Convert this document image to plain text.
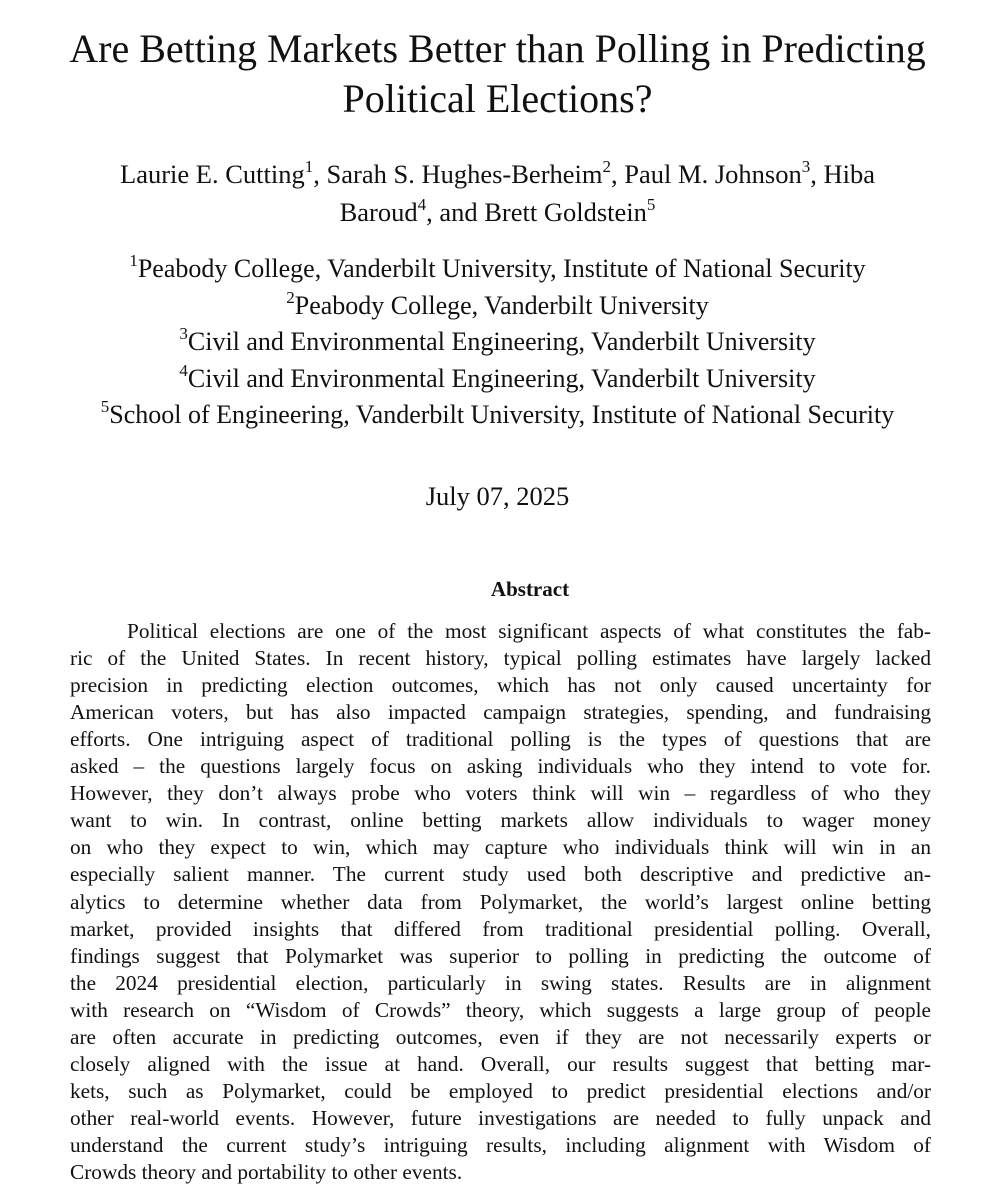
Are Betting Markets Better than Polling in Predicting
Political Elections?
Laurie E. Cutting$^1$, Sarah S. Hughes-Berheim$^2$, Paul M. Johnson$^3$, Hiba
Baroud$^4$, and Brett Goldstein$^5$
$^1$Peabody College, Vanderbilt University, Institute of National Security
$^2$Peabody College, Vanderbilt University
$^3$Civil and Environmental Engineering, Vanderbilt University
$^4$Civil and Environmental Engineering, Vanderbilt University
$^5$School of Engineering, Vanderbilt University, Institute of National Security
July 07, 2025
Abstract
Political elections are one of the most significant aspects of what constitutes the fab-
ric of the United States. In recent history, typical polling estimates have largely lacked
precision in predicting election outcomes, which has not only caused uncertainty for
American voters, but has also impacted campaign strategies, spending, and fundraising
efforts. One intriguing aspect of traditional polling is the types of questions that are
asked – the questions largely focus on asking individuals who they intend to vote for.
However, they don’t always probe who voters think will win – regardless of who they
want to win. In contrast, online betting markets allow individuals to wager money
on who they expect to win, which may capture who individuals think will win in an
especially salient manner. The current study used both descriptive and predictive an-
alytics to determine whether data from Polymarket, the world’s largest online betting
market, provided insights that differed from traditional presidential polling. Overall,
findings suggest that Polymarket was superior to polling in predicting the outcome of
the 2024 presidential election, particularly in swing states. Results are in alignment
with research on “Wisdom of Crowds” theory, which suggests a large group of people
are often accurate in predicting outcomes, even if they are not necessarily experts or
closely aligned with the issue at hand. Overall, our results suggest that betting mar-
kets, such as Polymarket, could be employed to predict presidential elections and/or
other real-world events. However, future investigations are needed to fully unpack and
understand the current study’s intriguing results, including alignment with Wisdom of
Crowds theory and portability to other events.
